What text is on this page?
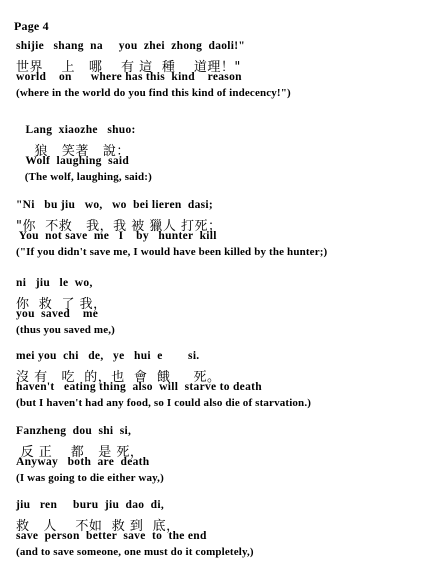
Page 4
shijie   shang  na     you  zhei  zhong  daoli!"
世界    上   哪    有 這  種    道理！"
world    on      where has this  kind    reason
(where in the world do you find this kind of indecency!")
Lang  xiaozhe   shuo:
狼   笑著   說：
Wolf  laughing  said
(The wolf, laughing, said:)
"Ni   bu jiu   wo,   wo  bei lieren  dasi;
"你  不救   我，我 被 獵人 打死；
You  not save  me   I    by   hunter  kill
("If you didn't save me, I would have been killed by the hunter;)
ni   jiu   le  wo,
你  救  了 我，
you  saved    me
(thus you saved me,)
mei you  chi   de,   ye   hui  e        si.
沒 有   吃  的，也  會  餓     死。
haven't   eating thing  also  will  starve to death
(but I haven't had any food, so I could also die of starvation.)
Fanzheng  dou  shi  si,
反 正    都   是 死，
Anyway   both  are  death
(I was going to die either way,)
jiu   ren     buru  jiu  dao  di,
救   人    不如  救 到  底，
save  person  better  save  to  the end
(and to save someone, one must do it completely,)
